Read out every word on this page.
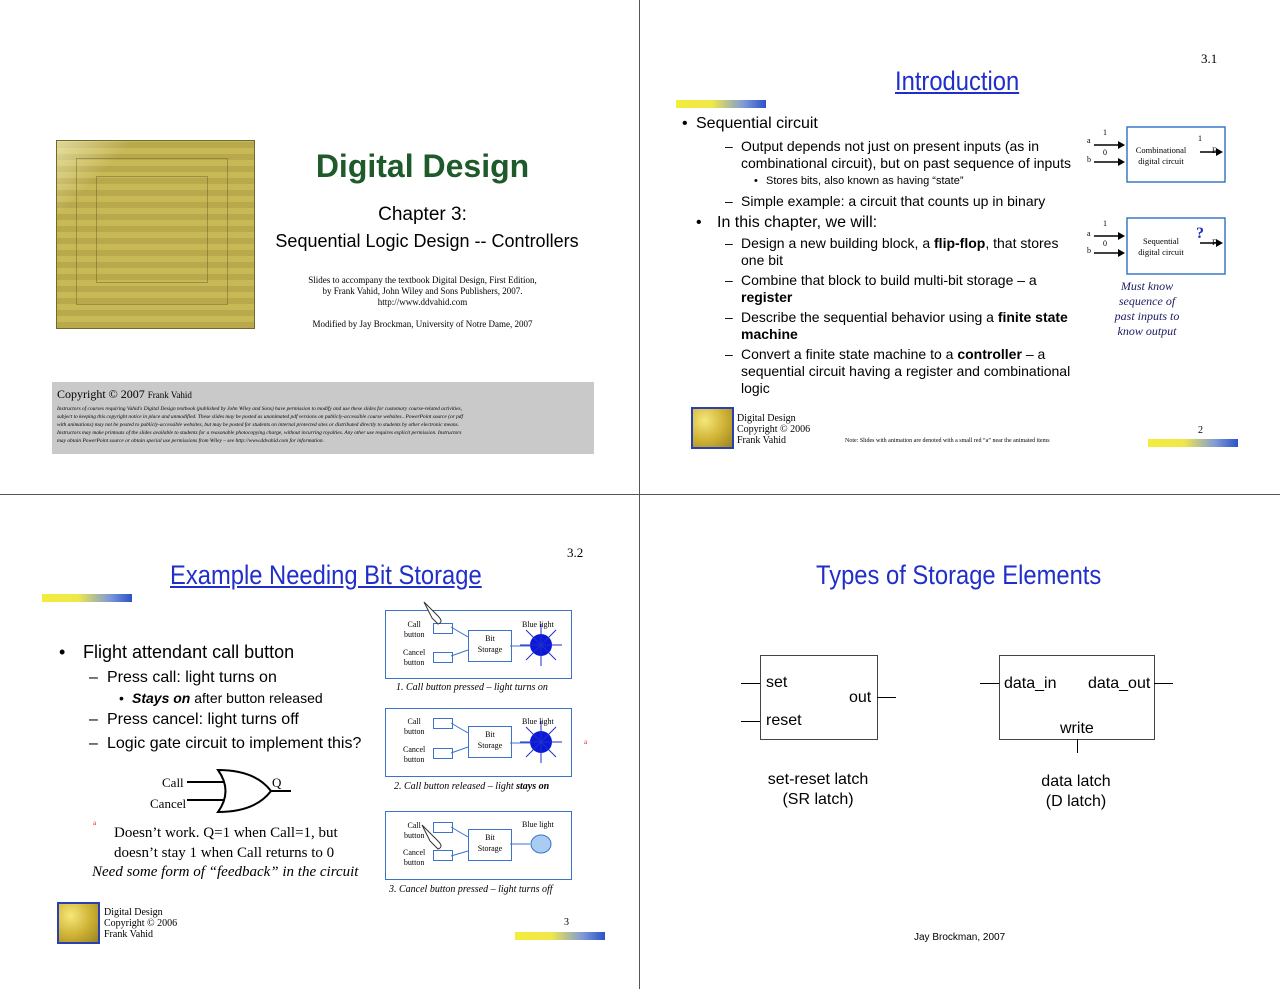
Digital Design
Chapter 3:
Sequential Logic Design -- Controllers
Slides to accompany the textbook Digital Design, First Edition,
by Frank Vahid, John Wiley and Sons Publishers, 2007.
http://www.ddvahid.com
Modified by Jay Brockman, University of Notre Dame, 2007
Copyright © 2007 Frank Vahid
Instructors of courses requiring Vahid's Digital Design textbook (published by John Wiley and Sons) have permission to modify and use these slides for customary course-related activities,
subject to keeping this copyright notice in place and unmodified. These slides may be posted as unanimated pdf versions on publicly-accessible course websites.. PowerPoint source (or pdf
with animations) may not be posted to publicly-accessible websites, but may be posted for students on internal protected sites or distributed directly to students by other electronic means.
Instructors may make printouts of the slides available to students for a reasonable photocopying charge, without incurring royalties. Any other use requires explicit permission. Instructors
may obtain PowerPoint source or obtain special use permissions from Wiley – see http://www.ddvahid.com for information.
3.1
Introduction
• Sequential circuit
– Output depends not just on present inputs (as in
combinational circuit), but on past sequence of inputs
• Stores bits, also known as having “state”
– Simple example: a circuit that counts up in binary
• In this chapter, we will:
– Design a new building block, a flip-flop, that stores
one bit
– Combine that block to build multi-bit storage – a
register
– Describe the sequential behavior using a finite state
machine
– Convert a finite state machine to a controller – a
sequential circuit having a register and combinational
logic
a
b
1
0	Combinational
digital circuit
1
F
a
b
1
0	Sequential
digital circuit
?
F
Must know
sequence of
past inputs to
know output
Digital Design
Copyright © 2006
Frank Vahid	Note: Slides with animation are denoted with a small red “a” near the animated items
2
3.2
Example Needing Bit Storage
• Flight attendant call button
– Press call: light turns on
• Stays on after button released
– Press cancel: light turns off
– Logic gate circuit to implement this?
Call
Cancel
Q
a
Doesn’t work. Q=1 when Call=1, but
doesn’t stay 1 when Call returns to 0
Need some form of “feedback” in the circuit
Call
button
Cancel
button
Bit
Storage
Blue light
1. Call button pressed – light turns on
Call
button
Cancel
button
Bit
Storage
Blue light
a
2. Call button released – light stays on
Call
button
Cancel
button
Bit
Storage
Blue light
3. Cancel button pressed – light turns off
Digital Design
Copyright © 2006
Frank Vahid
3
Types of Storage Elements
set
reset
out
set-reset latch
(SR latch)
data_in data_out
write
data latch
(D latch)
Jay Brockman, 2007
